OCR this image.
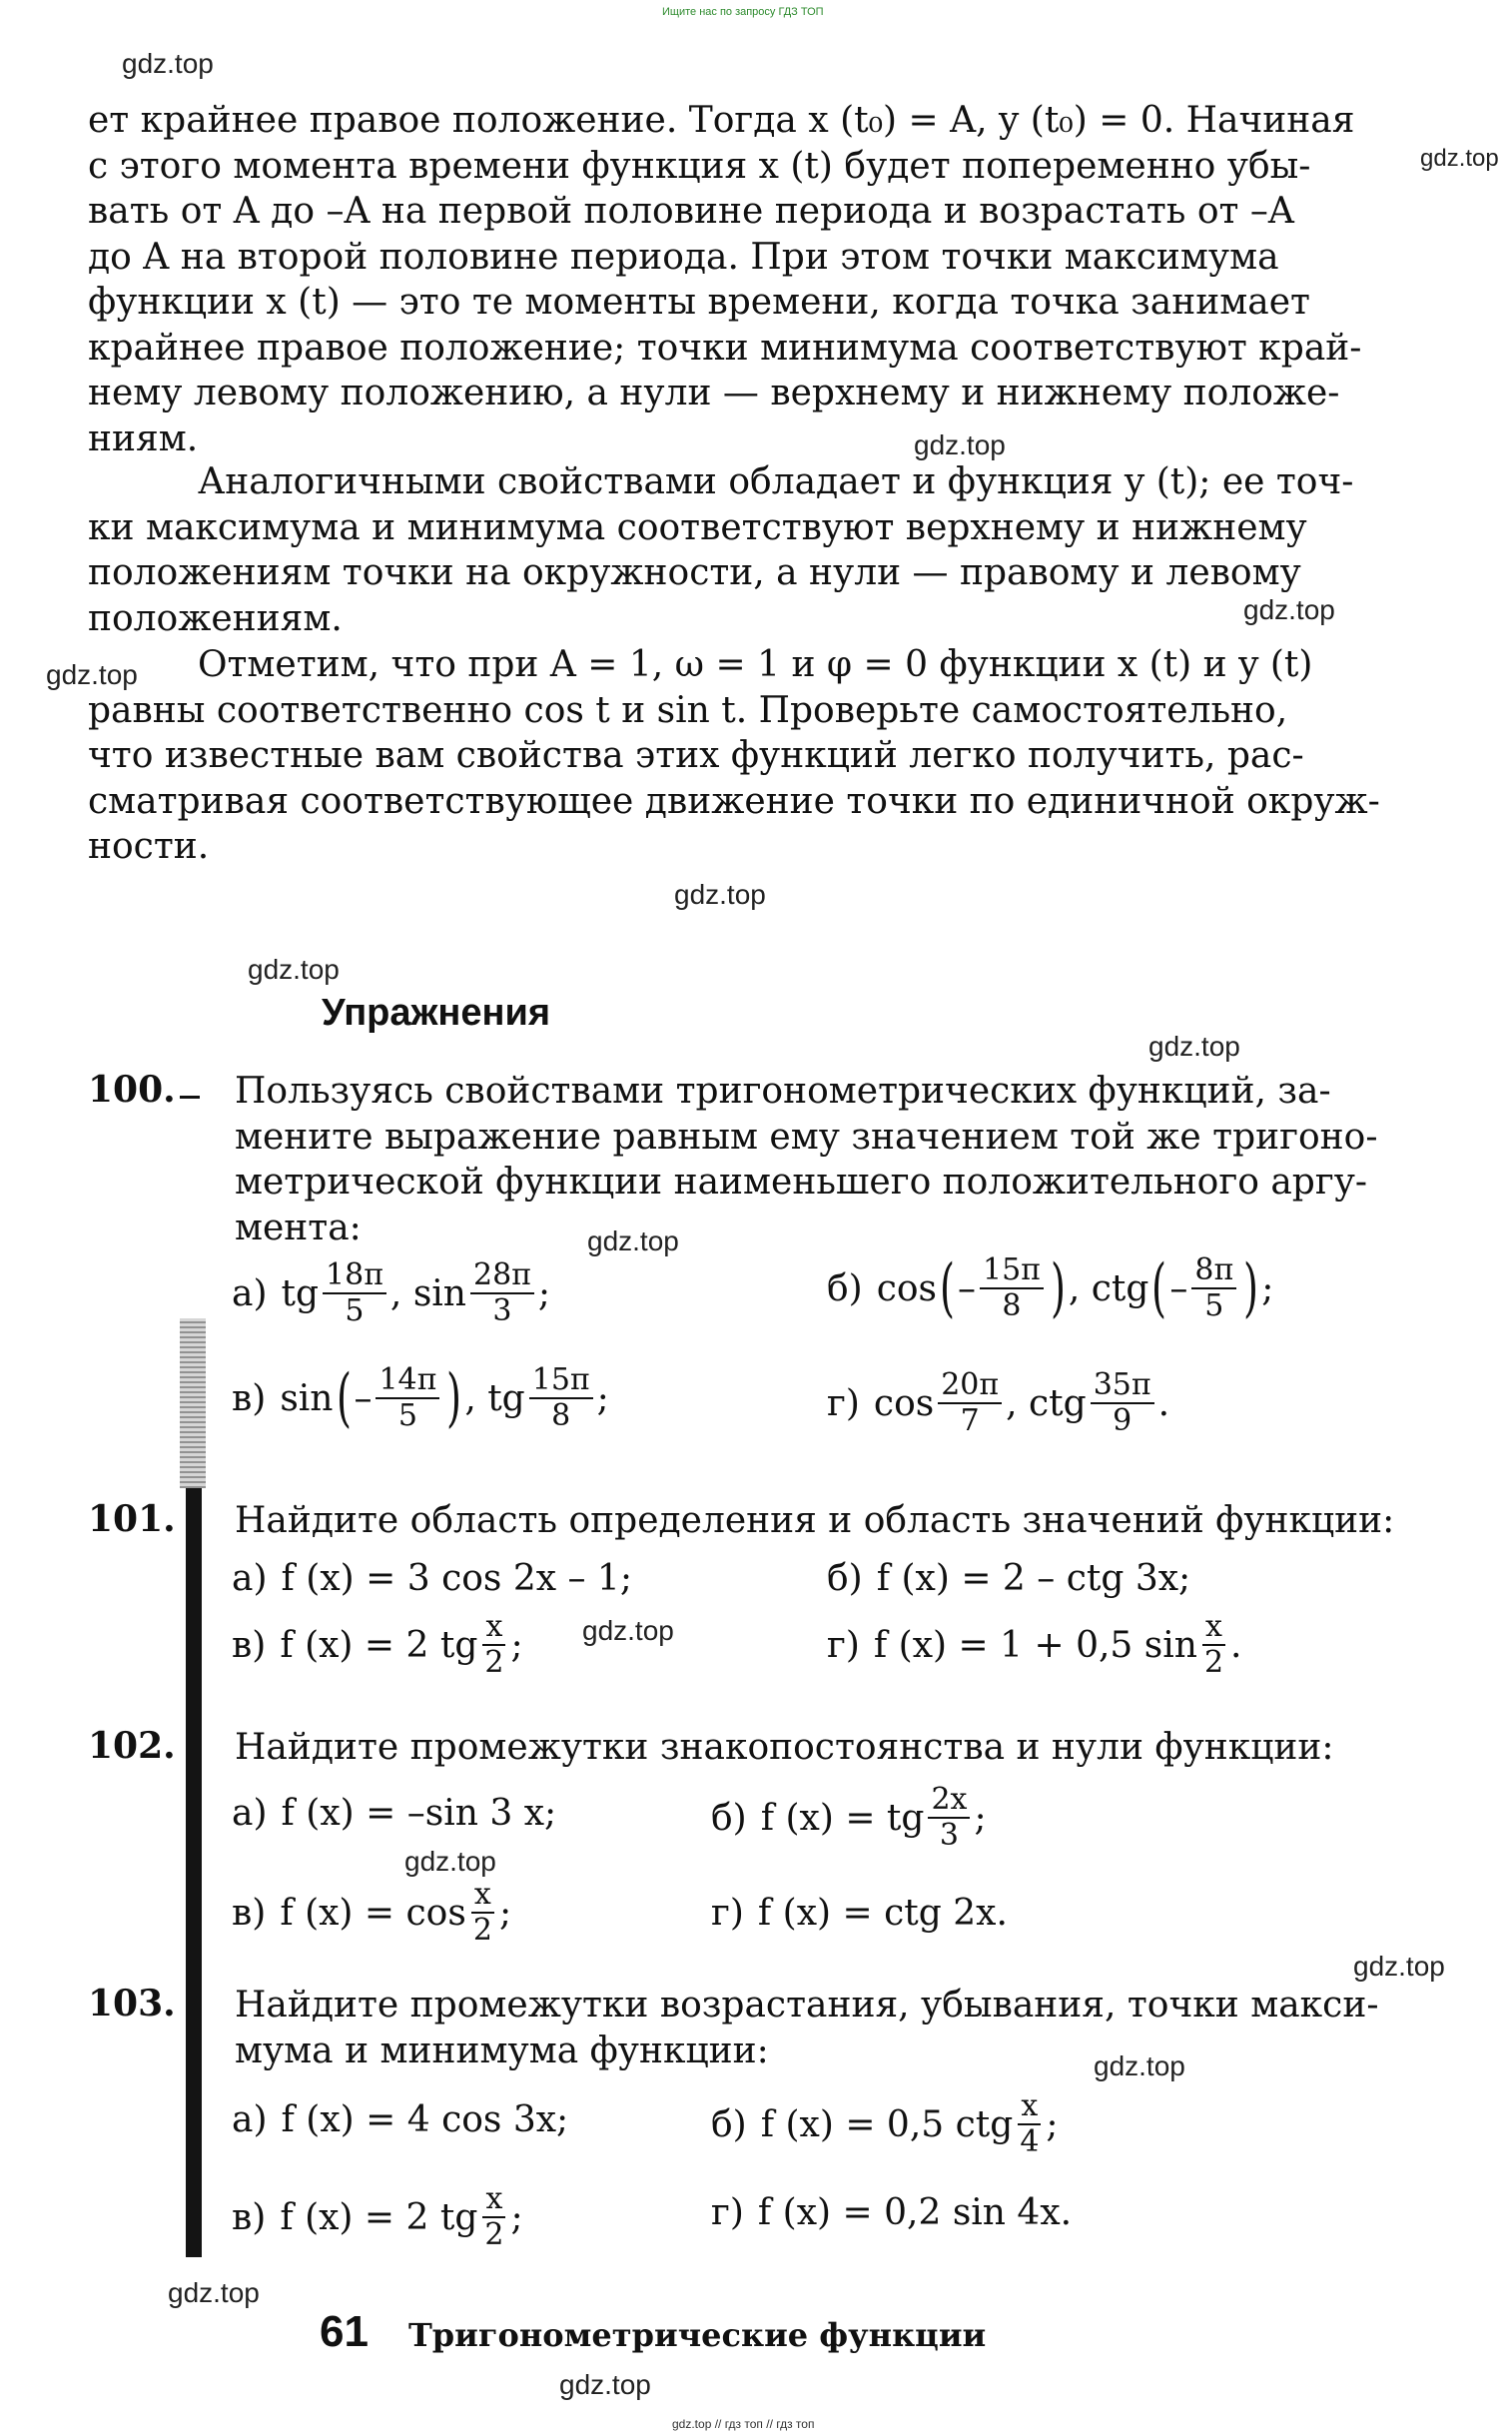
Ищите нас по запросу ГДЗ ТОП
gdz.top
gdz.top
gdz.top
gdz.top
gdz.top
gdz.top
gdz.top
gdz.top
gdz.top
gdz.top
gdz.top
gdz.top
gdz.top
gdz.top
gdz.top
gdz.top // гдз топ // гдз топ
ет крайнее правое положение. Тогда x (t₀) = A, y (t₀) = 0. Начиная
с этого момента времени функция x (t) будет попеременно убы-
вать от A до –A на первой половине периода и возрастать от –A
до A на второй половине периода. При этом точки максимума
функции x (t) — это те моменты времени, когда точка занимает
крайнее правое положение; точки минимума соответствуют край-
нему левому положению, а нули — верхнему и нижнему положе-
ниям.
Аналогичными свойствами обладает и функция y (t); ее точ-
ки максимума и минимума соответствуют верхнему и нижнему
положениям точки на окружности, а нули — правому и левому
положениям.
Отметим, что при A = 1, ω = 1 и φ = 0 функции x (t) и y (t)
равны соответственно cos t и sin t. Проверьте самостоятельно,
что известные вам свойства этих функций легко получить, рас-
сматривая соответствующее движение точки по единичной окруж-
ности.
Упражнения
100. Пользуясь свойствами тригонометрических функций, за-
мените выражение равным ему значением той же тригоно-
метрической функции наименьшего положительного аргу-
мента:
а) tg $\frac{18\pi}{5}$ , $\sin \frac{28\pi}{3}$ ;	б) cos ( – $\frac{15\pi}{8}$ ) , ctg ( – $\frac{8\pi}{5}$ ) ;
в) sin ( – $\frac{14\pi}{5}$ ) , tg $\frac{15\pi}{8}$ ;	г) $\cos \frac{20\pi}{7}$ , ctg $\frac{35\pi}{9}$ .
101. Найдите область определения и область значений функции:
а) f (x) = 3 cos 2x – 1;	б) f (x) = 2 – ctg 3x;
в) f (x) = 2 tg $\frac{x}{2}$ ;	г) f (x) = 1 + 0,5 $\sin \frac{x}{2}$ .
102. Найдите промежутки знакопостоянства и нули функции:
а) f (x) = –sin 3 x;	б) f (x) = tg $\frac{2x}{3}$ ;
в) f $(x) = \cos \frac{x}{2}$ ;	г) f (x) = ctg 2x.
103. Найдите промежутки возрастания, убывания, точки макси-
мума и минимума функции:
а) f (x) = 4 cos 3x;	б) f (x) = 0,5 ctg $\frac{x}{4}$ ;
в) f (x) = 2 tg $\frac{x}{2}$ ;	г) f (x) = 0,2 sin 4x.
61 Тригонометрические функции
